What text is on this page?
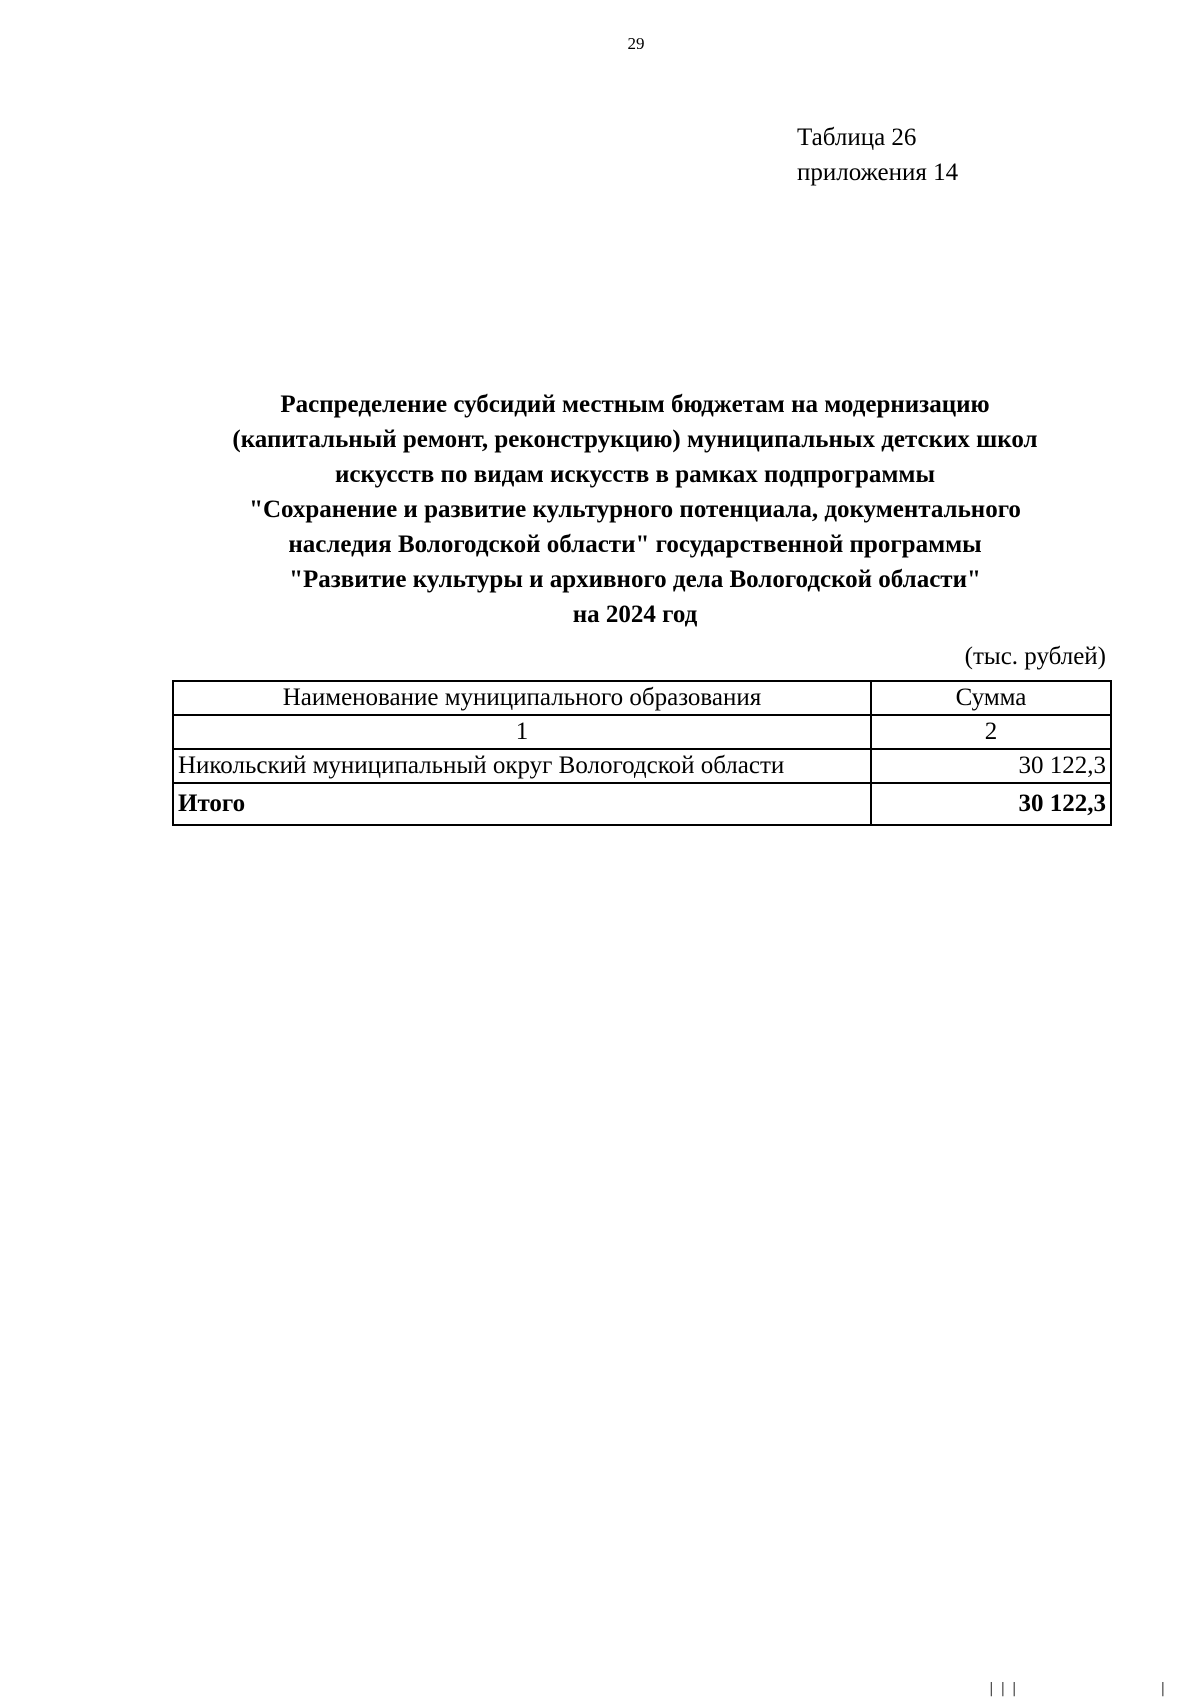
29
Таблица 26
приложения 14
Распределение субсидий местным бюджетам на модернизацию
(капитальный ремонт, реконструкцию) муниципальных детских школ
искусств по видам искусств в рамках подпрограммы
"Сохранение и развитие культурного потенциала, документального
наследия Вологодской области" государственной программы
"Развитие культуры и архивного дела Вологодской области"
на 2024 год
(тыс. рублей)
Наименование муниципального образования	Сумма
1	2
Никольский муниципальный округ Вологодской области	30 122,3
Итого	30 122,3
|||            |
